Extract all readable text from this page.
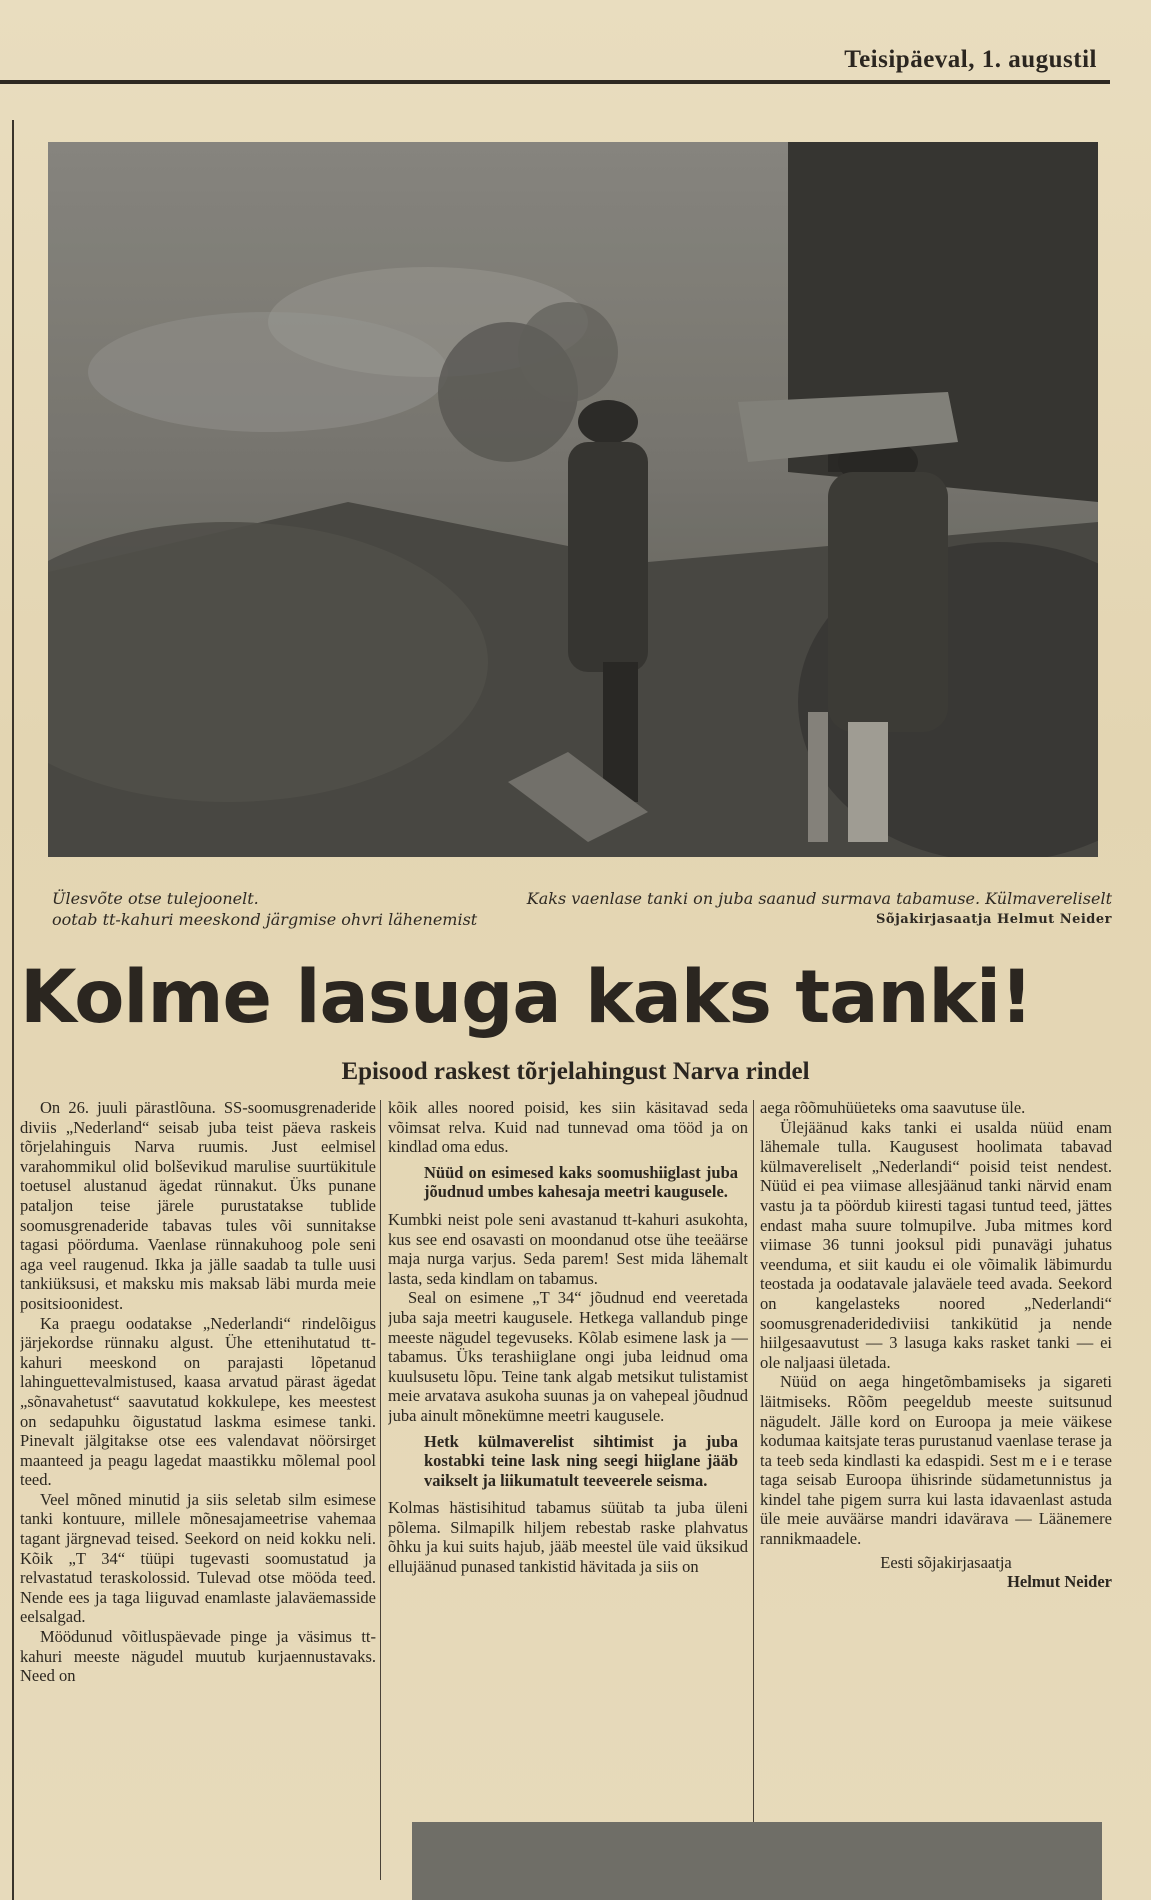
Teisipäeval, 1. augustil
Ülesvõte otse tulejoonelt.	Kaks vaenlase tanki on juba saanud surmava tabamuse. Külmavereliselt
ootab tt-kahuri meeskond järgmise ohvri lähenemist	Sõjakirjasaatja Helmut Neider
Kolme lasuga kaks tanki!
Episood raskest tõrjelahingust Narva rindel

On 26. juuli pärastlõuna. SS-soomusgrenaderide diviis „Nederland“ seisab juba teist päeva raskeis tõrjelahinguis Narva ruumis. Just eelmisel varahommikul olid bolševikud marulise suurtükitule toetusel alustanud ägedat rünnakut. Üks punane pataljon teise järele purustatakse tublide soomusgrenaderide tabavas tules või sunnitakse tagasi pöörduma. Vaenlase rünnakuhoog pole seni aga veel raugenud. Ikka ja jälle saadab ta tulle uusi tankiüksusi, et maksku mis maksab läbi murda meie positsioonidest.

Ka praegu oodatakse „Nederlandi“ rindelõigus järjekordse rünnaku algust. Ühe ettenihutatud tt-kahuri meeskond on parajasti lõpetanud lahinguettevalmistused, kaasa arvatud pärast ägedat „sõnavahetust“ saavutatud kokkulepe, kes meestest on sedapuhku õigustatud laskma esimese tanki. Pinevalt jälgitakse otse ees valendavat nöörsirget maanteed ja peagu lagedat maastikku mõlemal pool teed.

Veel mõned minutid ja siis seletab silm esimese tanki kontuure, millele mõnesajameetrise vahemaa tagant järgnevad teised. Seekord on neid kokku neli. Kõik „T 34“ tüüpi tugevasti soomustatud ja relvastatud teraskolossid. Tulevad otse mööda teed. Nende ees ja taga liiguvad enamlaste jalaväemasside eelsalgad.

Möödunud võitluspäevade pinge ja väsimus tt-kahuri meeste nägudel muutub kurjaennustavaks. Need on

kõik alles noored poisid, kes siin käsitavad seda võimsat relva. Kuid nad tunnevad oma tööd ja on kindlad oma edus.

Nüüd on esimesed kaks soomushiiglast juba jõudnud umbes kahesaja meetri kaugusele.

Kumbki neist pole seni avastanud tt-kahuri asukohta, kus see end osavasti on moondanud otse ühe teeäärse maja nurga varjus. Seda parem! Sest mida lähemalt lasta, seda kindlam on tabamus.

Seal on esimene „T 34“ jõudnud end veeretada juba saja meetri kaugusele. Hetkega vallandub pinge meeste nägudel tegevuseks. Kõlab esimene lask ja — tabamus. Üks terashiiglane ongi juba leidnud oma kuulsusetu lõpu. Teine tank algab metsikut tulistamist meie arvatava asukoha suunas ja on vahepeal jõudnud juba ainult mõnekümne meetri kaugusele.

Hetk külmaverelist sihtimist ja juba kostabki teine lask ning seegi hiiglane jääb vaikselt ja liikumatult teeveerele seisma.

Kolmas hästisihitud tabamus süütab ta juba üleni põlema. Silmapilk hiljem rebestab raske plahvatus õhku ja kui suits hajub, jääb meestel üle vaid üksikud ellujäänud punased tankistid hävitada ja siis on

aega rõõmuhüüeteks oma saavutuse üle.

Ülejäänud kaks tanki ei usalda nüüd enam lähemale tulla. Kaugusest hoolimata tabavad külmavereliselt „Nederlandi“ poisid teist nendest. Nüüd ei pea viimase allesjäänud tanki närvid enam vastu ja ta pöördub kiiresti tagasi tuntud teed, jättes endast maha suure tolmupilve. Juba mitmes kord viimase 36 tunni jooksul pidi punavägi juhatus veenduma, et siit kaudu ei ole võimalik läbimurdu teostada ja oodatavale jalaväele teed avada. Seekord on kangelasteks noored „Nederlandi“ soomusgrenaderidediviisi tankikütid ja nende hiilgesaavutust — 3 lasuga kaks rasket tanki — ei ole naljaasi ületada.

Nüüd on aega hingetõmbamiseks ja sigareti läitmiseks. Rõõm peegeldub meeste suitsunud nägudelt. Jälle kord on Euroopa ja meie väikese kodumaa kaitsjate teras purustanud vaenlase terase ja ta teeb seda kindlasti ka edaspidi. Sest m e i e terase taga seisab Euroopa ühisrinde südametunnistus ja kindel tahe pigem surra kui lasta idavaenlast astuda üle meie auväärse mandri idavärava — Läänemere rannikmaadele.

Eesti sõjakirjasaatja
Helmut Neider
